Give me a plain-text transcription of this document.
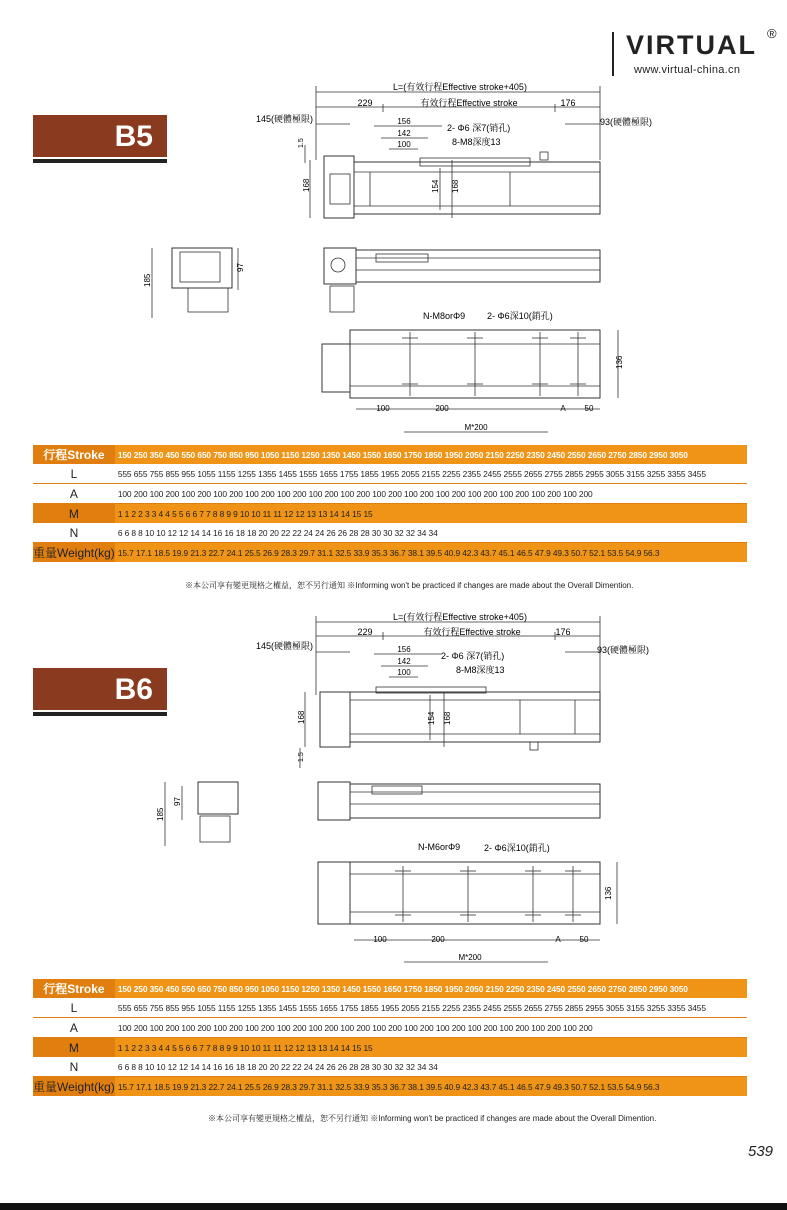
VIRTUAL ®
www.virtual-china.cn
B5
L=(有效行程Effective stroke+405)
229	有效行程Effective stroke	176
145(硬體極限)	93(硬體極限)
156
142
100
2- Φ6 深7(销孔)
8-M8深度13
1.5
168	154 168
185
97
N-M8orΦ9 2- Φ6深10(銷孔)
136
100	200	A 50
M*200
行程Stroke	150 250 350 450 550 650 750 850 950 1050 1150 1250 1350 1450 1550 1650 1750 1850 1950 2050 2150 2250 2350 2450 2550 2650 2750 2850 2950 3050
L	555 655 755 855 955 1055 1155 1255 1355 1455 1555 1655 1755 1855 1955 2055 2155 2255 2355 2455 2555 2655 2755 2855 2955 3055 3155 3255 3355 3455
A	100 200 100 200 100 200 100 200 100 200 100 200 100 200 100 200 100 200 100 200 100 200 100 200 100 200 100 200 100 200
M	1 1 2 2 3 3 4 4 5 5 6 6 7 7 8 8 9 9 10 10 11 11 12 12 13 13 14 14 15 15
N	6 6 8 8 10 10 12 12 14 14 16 16 18 18 20 20 22 22 24 24 26 26 28 28 30 30 32 32 34 34
重量Weight(kg)	15.7 17.1 18.5 19.9 21.3 22.7 24.1 25.5 26.9 28.3 29.7 31.1 32.5 33.9 35.3 36.7 38.1 39.5 40.9 42.3 43.7 45.1 46.5 47.9 49.3 50.7 52.1 53.5 54.9 56.3
※本公司享有變更規格之權益，恕不另行通知 ※Informing won't be practiced if changes are made about the Overall Dimention.
B6
L=(有效行程Effective stroke+405)
229	有效行程Effective stroke	176
145(硬體極限)	93(硬體極限)
156
142
100
2- Φ6 深7(销孔)
8-M8深度13
1.5
168	154 168
185
97
N-M6orΦ9	2- Φ6深10(銷孔)
136
100	200	A 50
M*200
行程Stroke	150 250 350 450 550 650 750 850 950 1050 1150 1250 1350 1450 1550 1650 1750 1850 1950 2050 2150 2250 2350 2450 2550 2650 2750 2850 2950 3050
L	555 655 755 855 955 1055 1155 1255 1355 1455 1555 1655 1755 1855 1955 2055 2155 2255 2355 2455 2555 2655 2755 2855 2955 3055 3155 3255 3355 3455
A	100 200 100 200 100 200 100 200 100 200 100 200 100 200 100 200 100 200 100 200 100 200 100 200 100 200 100 200 100 200
M	1 1 2 2 3 3 4 4 5 5 6 6 7 7 8 8 9 9 10 10 11 11 12 12 13 13 14 14 15 15
N	6 6 8 8 10 10 12 12 14 14 16 16 18 18 20 20 22 22 24 24 26 26 28 28 30 30 32 32 34 34
重量Weight(kg)	15.7 17.1 18.5 19.9 21.3 22.7 24.1 25.5 26.9 28.3 29.7 31.1 32.5 33.9 35.3 36.7 38.1 39.5 40.9 42.3 43.7 45.1 46.5 47.9 49.3 50.7 52.1 53.5 54.9 56.3
※本公司享有變更規格之權益，恕不另行通知 ※Informing won't be practiced if changes are made about the Overall Dimention.
539
